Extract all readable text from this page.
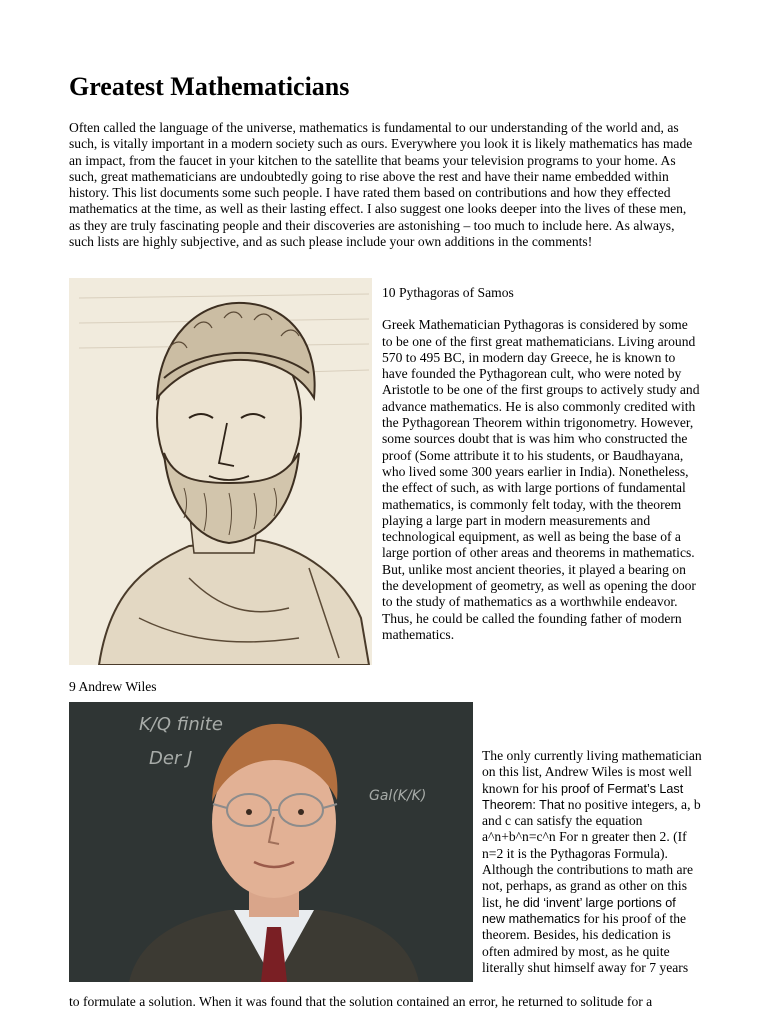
Greatest Mathematicians

Often called the language of the universe, mathematics is fundamental to our understanding of the world and, as such, is vitally important in a modern society such as ours. Everywhere you look it is likely mathematics has made an impact, from the faucet in your kitchen to the satellite that beams your television programs to your home. As such, great mathematicians are undoubtedly going to rise above the rest and have their name embedded within history. This list documents some such people. I have rated them based on contributions and how they effected mathematics at the time, as well as their lasting effect. I also suggest one looks deeper into the lives of these men, as they are truly fascinating people and their discoveries are astonishing – too much to include here. As always, such lists are highly subjective, and as such please include your own additions in the comments!

10 Pythagoras of Samos

Greek Mathematician Pythagoras is considered by some to be one of the first great mathematicians. Living around 570 to 495 BC, in modern day Greece, he is known to have founded the Pythagorean cult, who were noted by Aristotle to be one of the first groups to actively study and advance mathematics. He is also commonly credited with the Pythagorean Theorem within trigonometry. However, some sources doubt that is was him who constructed the proof (Some attribute it to his students, or Baudhayana, who lived some 300 years earlier in India). Nonetheless, the effect of such, as with large portions of fundamental mathematics, is commonly felt today, with the theorem playing a large part in modern measurements and technological equipment, as well as being the base of a large portion of other areas and theorems in mathematics. But, unlike most ancient theories, it played a bearing on the development of geometry, as well as opening the door to the study of mathematics as a worthwhile endeavor. Thus, he could be called the founding father of modern mathematics.

9 Andrew Wiles

K/Q finite
Der J
Gal(K/K)

The only currently living mathematician on this list, Andrew Wiles is most well known for his proof of Fermat’s Last Theorem: That no positive integers, a, b and c can satisfy the equation a^n+b^n=c^n For n greater then 2. (If n=2 it is the Pythagoras Formula). Although the contributions to math are not, perhaps, as grand as other on this list, he did ‘invent’ large portions of new mathematics for his proof of the theorem. Besides, his dedication is often admired by most, as he quite literally shut himself away for 7 years

to formulate a solution. When it was found that the solution contained an error, he returned to solitude for a
